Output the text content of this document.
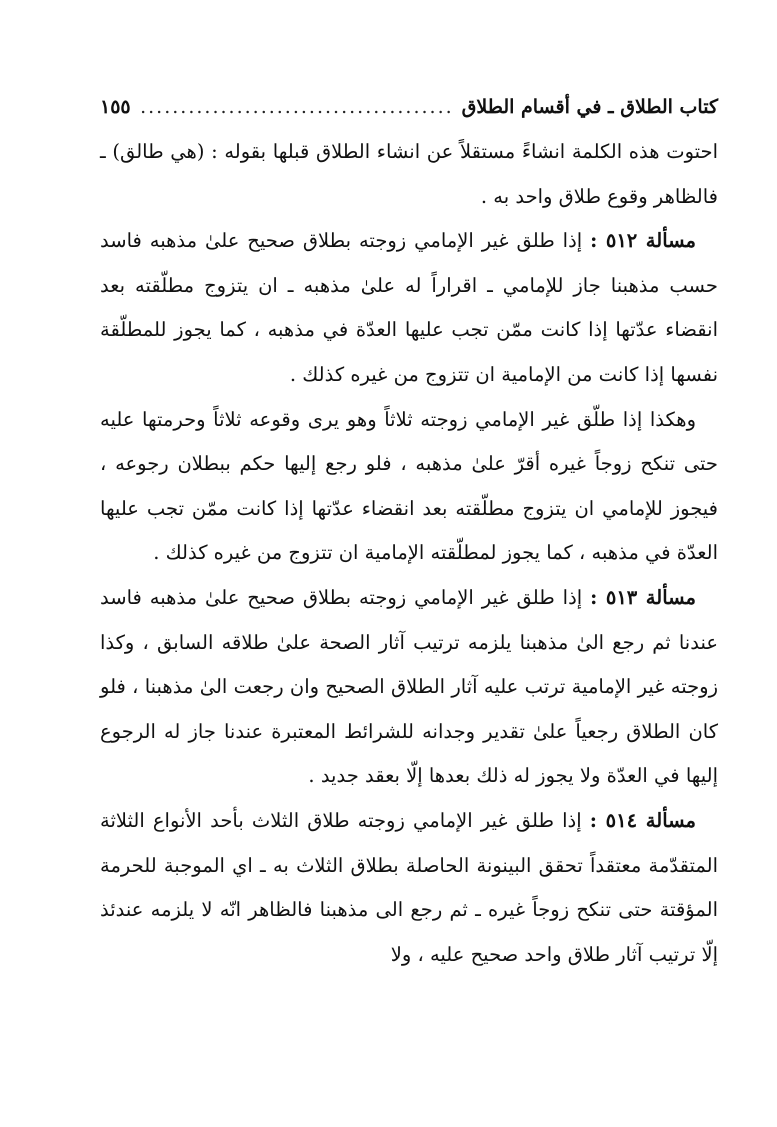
كتاب الطلاق ـ في أقسام الطلاق
.....
١٥٥

احتوت هذه الكلمة انشاءً مستقلاً عن انشاء الطلاق قبلها بقوله : (هي طالق) ـ فالظاهر وقوع طلاق واحد به .

مسألة ٥١٢ : إذا طلق غير الإمامي زوجته بطلاق صحيح علىٰ مذهبه فاسد حسب مذهبنا جاز للإمامي ـ اقراراً له علىٰ مذهبه ـ ان يتزوج مطلّقته بعد انقضاء عدّتها إذا كانت ممّن تجب عليها العدّة في مذهبه ، كما يجوز للمطلّقة نفسها إذا كانت من الإمامية ان تتزوج من غيره كذلك .

وهكذا إذا طلّق غير الإمامي زوجته ثلاثاً وهو يرى وقوعه ثلاثاً وحرمتها عليه حتى تنكح زوجاً غيره أقرّ علىٰ مذهبه ، فلو رجع إليها حكم ببطلان رجوعه ، فيجوز للإمامي ان يتزوج مطلّقته بعد انقضاء عدّتها إذا كانت ممّن تجب عليها العدّة في مذهبه ، كما يجوز لمطلّقته الإمامية ان تتزوج من غيره كذلك .

مسألة ٥١٣ : إذا طلق غير الإمامي زوجته بطلاق صحيح علىٰ مذهبه فاسد عندنا ثم رجع الىٰ مذهبنا يلزمه ترتيب آثار الصحة علىٰ طلاقه السابق ، وكذا زوجته غير الإمامية ترتب عليه آثار الطلاق الصحيح وان رجعت الىٰ مذهبنا ، فلو كان الطلاق رجعياً علىٰ تقدير وجدانه للشرائط المعتبرة عندنا جاز له الرجوع إليها في العدّة ولا يجوز له ذلك بعدها إلّا بعقد جديد .

مسألة ٥١٤ : إذا طلق غير الإمامي زوجته طلاق الثلاث بأحد الأنواع الثلاثة المتقدّمة معتقداً تحقق البينونة الحاصلة بطلاق الثلاث به ـ اي الموجبة للحرمة المؤقتة حتى تنكح زوجاً غيره ـ ثم رجع الى مذهبنا فالظاهر انّه لا يلزمه عندئذ إلّا ترتيب آثار طلاق واحد صحيح عليه ، ولا
